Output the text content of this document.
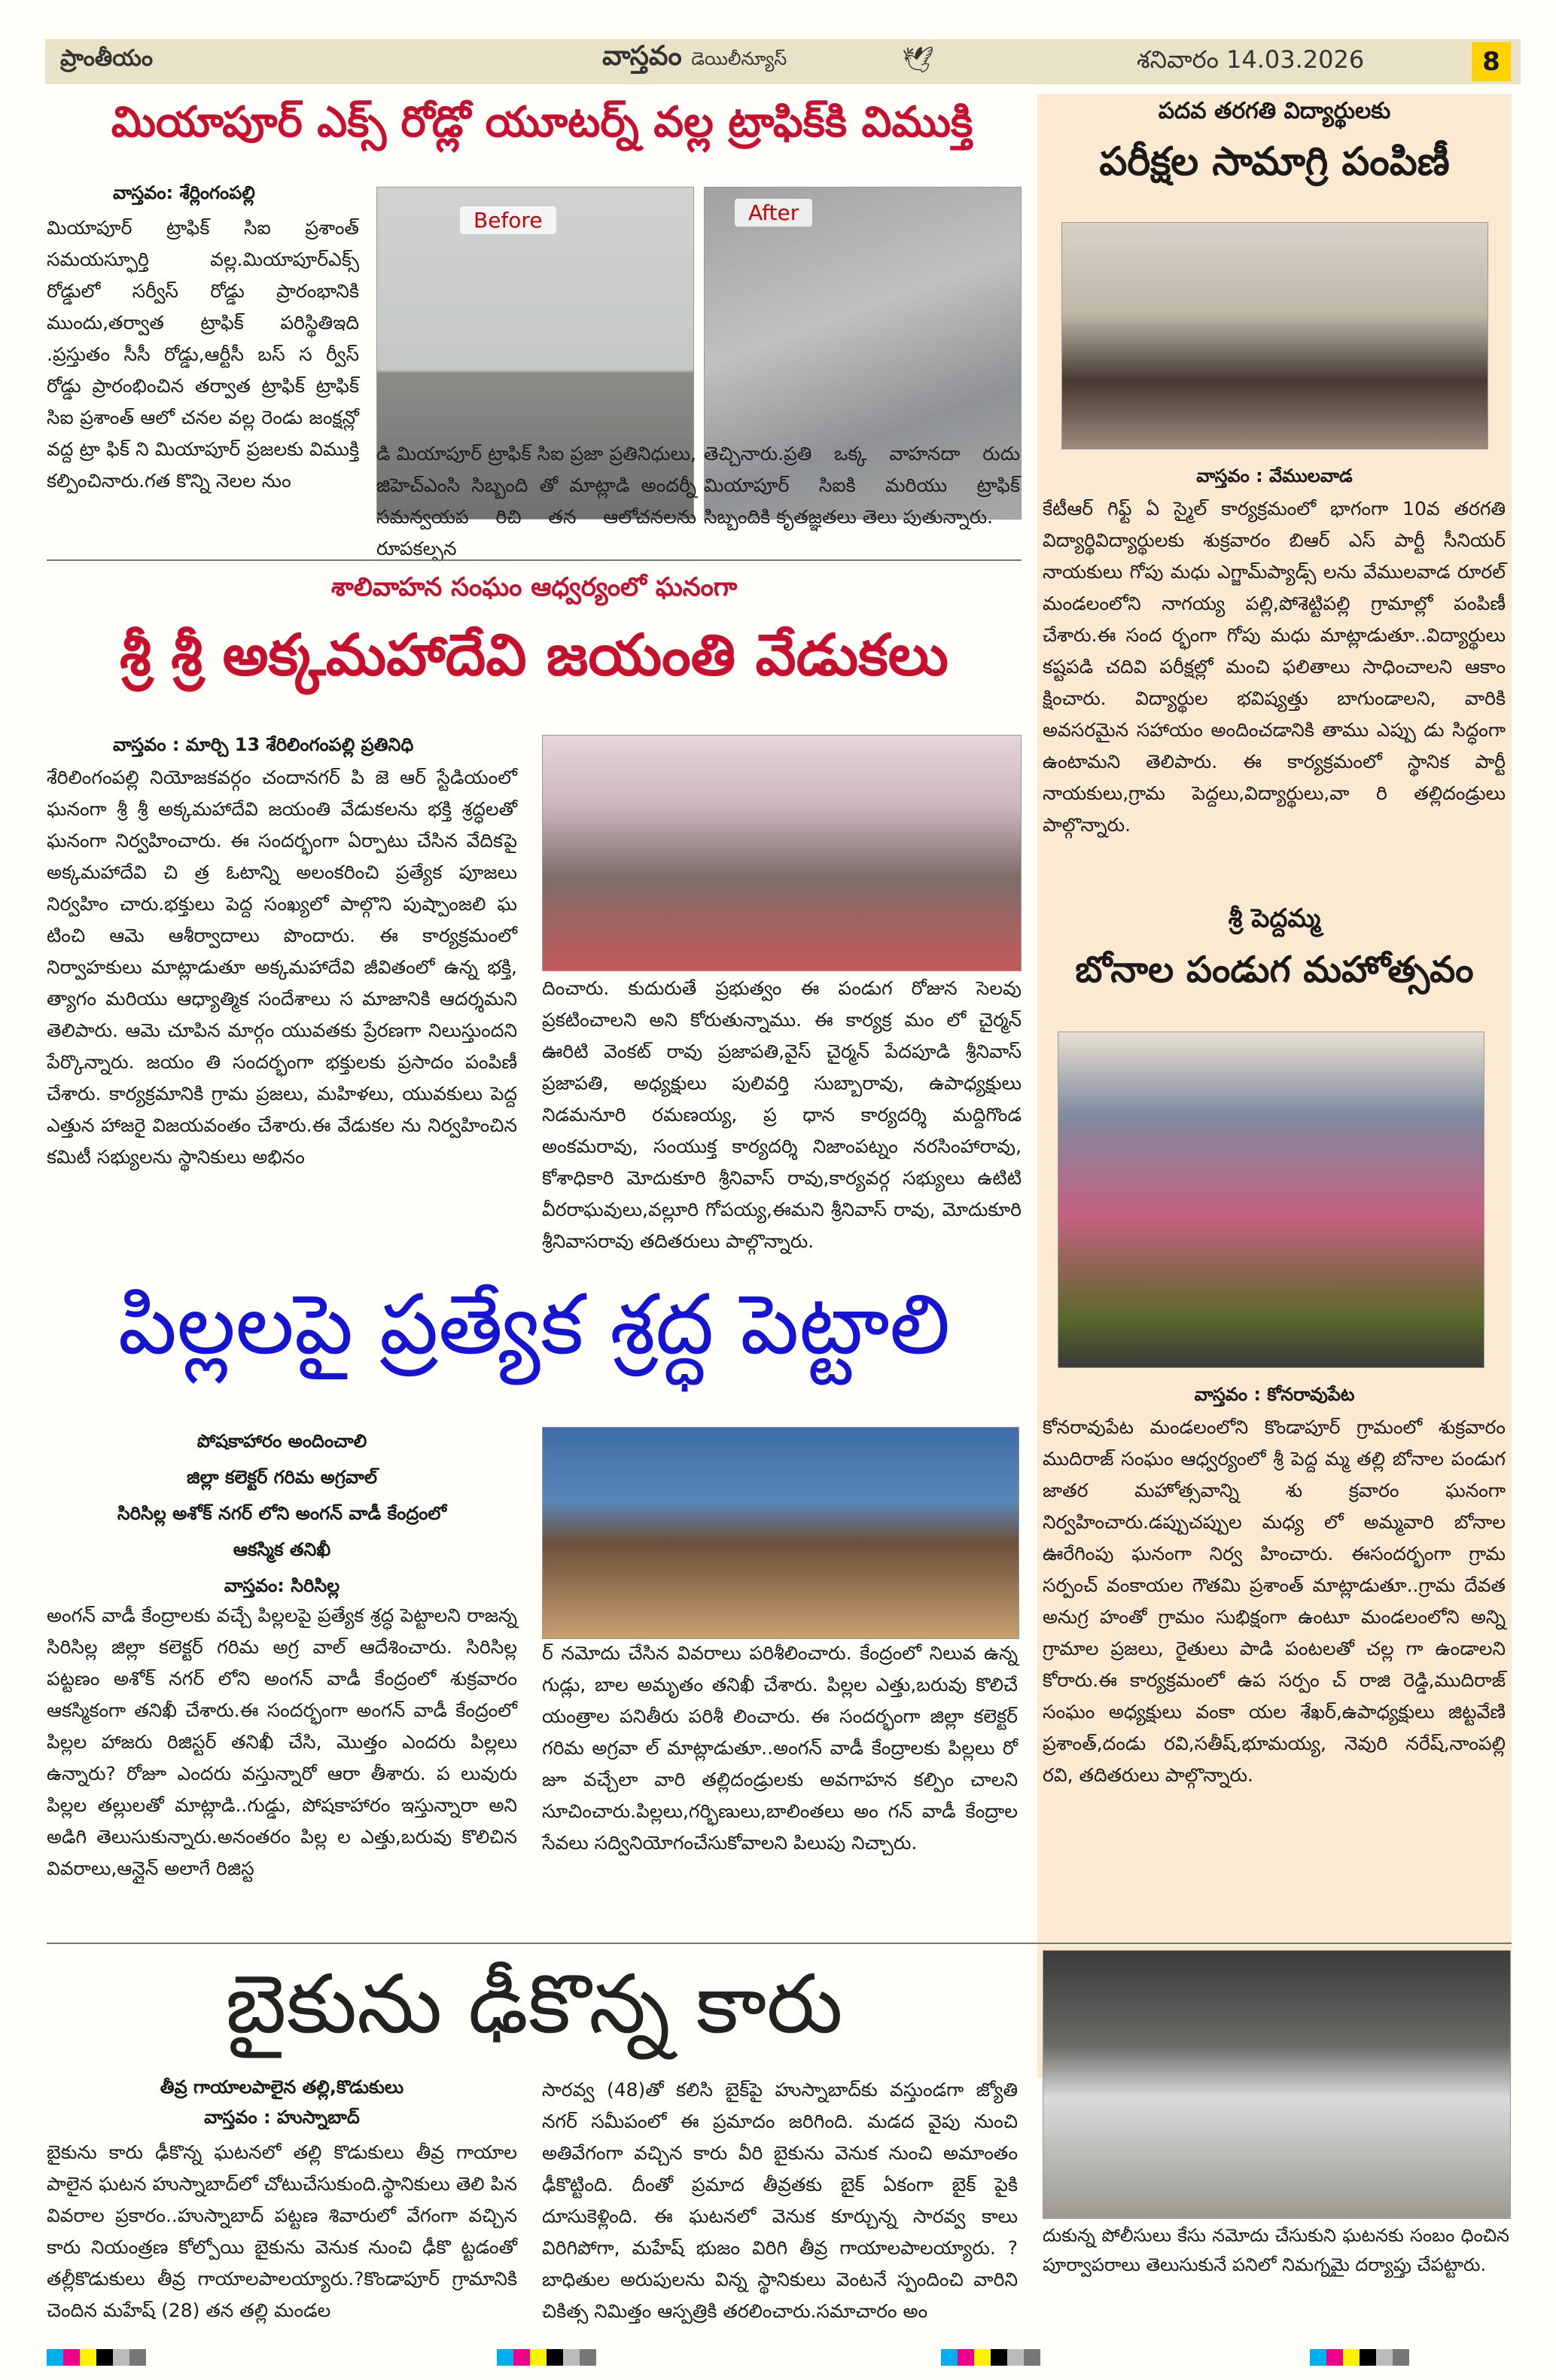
ప్రాంతీయం	వాస్తవం డెయిలీన్యూస్	🕊	శనివారం 14.03.2026	8
మియాపూర్ ఎక్స్ రోడ్లో యూటర్న్ వల్ల ట్రాఫిక్‌కి విముక్తి
వాస్తవం: శేర్లింగంపల్లి
మియాపూర్ ట్రాఫిక్ సిఐ ప్రశాంత్ సమయస్ఫూర్తి వల్ల.మియాపూర్ఎక్స్ రోడ్డులో సర్వీస్ రోడ్డు ప్రారంభానికి ముందు,తర్వాత ట్రాఫిక్ పరిస్థితిఇది .ప్రస్తుతం సీసీ రోడ్డు,ఆర్టీసీ బస్ స ర్వీస్ రోడ్డు ప్రారంభించిన తర్వాత ట్రాఫిక్ ట్రాఫిక్ సిఐ ప్రశాంత్ ఆలో చనల వల్ల రెండు జంక్షన్లో వద్ద ట్రా ఫిక్ ని మియాపూర్ ప్రజలకు విముక్తి కల్పించినారు.గత కొన్ని నెలల నుం
Before	After
డి మియాపూర్ ట్రాఫిక్ సిఐ ప్రజా ప్రతినిధులు, జిహెచ్ఎంసి సిబ్బంది తో మాట్లాడి అందర్నీ సమన్వయప రిచి తన ఆలోచనలను రూపకల్పన
తెచ్చినారు.ప్రతి ఒక్క వాహనదా రుదు మియాపూర్ సిఐకి మరియు ట్రాఫిక్ సిబ్బందికి కృతజ్ఞతలు తెలు పుతున్నారు.
శాలివాహన సంఘం ఆధ్వర్యంలో ఘనంగా
శ్రీ శ్రీ అక్కమహాదేవి జయంతి వేడుకలు
వాస్తవం : మార్చి 13 శేరిలింగంపల్లి ప్రతినిధి
శేరిలింగంపల్లి నియోజకవర్గం చందానగర్ పి జె ఆర్ స్టేడియంలో ఘనంగా శ్రీ శ్రీ అక్కమహాదేవి జయంతి వేడుకలను భక్తి శ్రద్ధలతో ఘనంగా నిర్వహించారు. ఈ సందర్భంగా ఏర్పాటు చేసిన వేదికపై అక్కమహాదేవి చి త్ర ఓటాన్ని అలంకరించి ప్రత్యేక పూజలు నిర్వహిం చారు.భక్తులు పెద్ద సంఖ్యలో పాల్గొని పుష్పాంజలి ఘ టించి ఆమె ఆశీర్వాదాలు పొందారు. ఈ కార్యక్రమంలో నిర్వాహకులు మాట్లాడుతూ అక్కమహాదేవి జీవితంలో ఉన్న భక్తి, త్యాగం మరియు ఆధ్యాత్మిక సందేశాలు స మాజానికి ఆదర్శమని తెలిపారు. ఆమె చూపిన మార్గం యువతకు ప్రేరణగా నిలుస్తుందని పేర్కొన్నారు. జయం తి సందర్భంగా భక్తులకు ప్రసాదం పంపిణీ చేశారు. కార్యక్రమానికి గ్రామ ప్రజలు, మహిళలు, యువకులు పెద్ద ఎత్తున హాజరై విజయవంతం చేశారు.ఈ వేడుకల ను నిర్వహించిన కమిటీ సభ్యులను స్థానికులు అభినం
దించారు. కుదురుతే ప్రభుత్వం ఈ పండుగ రోజున సెలవు ప్రకటించాలని అని కోరుతున్నాము. ఈ కార్యక్ర మం లో చైర్మన్ ఊరిటి వెంకట్ రావు ప్రజాపతి,వైస్ చైర్మన్ పేదపూడి శ్రీనివాస్ ప్రజాపతి, అధ్యక్షులు పులివర్తి సుబ్బారావు, ఉపాధ్యక్షులు నిడమనూరి రమణయ్య, ప్ర ధాన కార్యదర్శి మద్దిగొండ అంకమరావు, సంయుక్త కార్యదర్శి నిజాంపట్నం నరసింహారావు, కోశాధికారి మోదుకూరి శ్రీనివాస్ రావు,కార్యవర్గ సభ్యులు ఉటిటి వీరరాఘవులు,వల్లూరి గోపయ్య,ఈమని శ్రీనివాస్ రావు, మోదుకూరి శ్రీనివాసరావు తదితరులు పాల్గొన్నారు.
పిల్లలపై ప్రత్యేక శ్రద్ధ పెట్టాలి
పోషకాహారం అందించాలి
జిల్లా కలెక్టర్ గరిమ అగ్రవాల్
సిరిసిల్ల అశోక్ నగర్ లోని అంగన్ వాడీ కేంద్రంలో
ఆకస్మిక తనిఖీ
వాస్తవం: సిరిసిల్ల
అంగన్ వాడీ కేంద్రాలకు వచ్చే పిల్లలపై ప్రత్యేక శ్రద్ధ పెట్టాలని రాజన్న సిరిసిల్ల జిల్లా కలెక్టర్ గరిమ అగ్ర వాల్ ఆదేశించారు. సిరిసిల్ల పట్టణం అశోక్ నగర్ లోని అంగన్ వాడీ కేంద్రంలో శుక్రవారం ఆకస్మికంగా తనిఖీ చేశారు.ఈ సందర్భంగా అంగన్ వాడీ కేంద్రంలో పిల్లల హాజరు రిజిస్టర్ తనిఖీ చేసి, మొత్తం ఎందరు పిల్లలు ఉన్నారు? రోజూ ఎందరు వస్తున్నారో ఆరా తీశారు. ప లువురు పిల్లల తల్లులతో మాట్లాడి..గుడ్డు, పోషకాహారం ఇస్తున్నారా అని అడిగి తెలుసుకున్నారు.అనంతరం పిల్ల ల ఎత్తు,బరువు కొలిచిన వివరాలు,ఆన్లైన్ అలాగే రిజిస్ట
ర్ నమోదు చేసిన వివరాలు పరిశీలించారు. కేంద్రంలో నిలువ ఉన్న గుడ్లు, బాల అమృతం తనిఖీ చేశారు. పిల్లల ఎత్తు,బరువు కొలిచే యంత్రాల పనితీరు పరిశీ లించారు. ఈ సందర్భంగా జిల్లా కలెక్టర్ గరిమ అగ్రవా ల్ మాట్లాడుతూ..అంగన్ వాడీ కేంద్రాలకు పిల్లలు రో జూ వచ్చేలా వారి తల్లిదండ్రులకు అవగాహన కల్పిం చాలని సూచించారు.పిల్లలు,గర్భిణులు,బాలింతలు అం గన్ వాడీ కేంద్రాల సేవలు సద్వినియోగంచేసుకోవాలని పిలుపు నిచ్చారు.
బైకును ఢీకొన్న కారు
తీవ్ర గాయాలపాలైన తల్లి,కొడుకులు
వాస్తవం : హుస్నాబాద్
బైకును కారు ఢీకొన్న ఘటనలో తల్లి కొడుకులు తీవ్ర గాయాల పాలైన ఘటన హుస్నాబాద్‌లో చోటుచేసుకుంది.స్థానికులు తెలి పిన వివరాల ప్రకారం..హుస్నాబాద్ పట్టణ శివారులో వేగంగా వచ్చిన కారు నియంత్రణ కోల్పోయి బైకును వెనుక నుంచి ఢీకొ ట్టడంతో తల్లీకొడుకులు తీవ్ర గాయాలపాలయ్యారు.?కొండాపూర్ గ్రామానికి చెందిన మహేష్ (28) తన తల్లి మండల
సారవ్వ (48)తో కలిసి బైక్‌పై హుస్నాబాద్‌కు వస్తుండగా జ్యోతి నగర్ సమీపంలో ఈ ప్రమాదం జరిగింది. మడద వైపు నుంచి అతివేగంగా వచ్చిన కారు వీరి బైకును వెనుక నుంచి అమాంతం ఢీకొట్టింది. దీంతో ప్రమాద తీవ్రతకు బైక్ ఏకంగా బైక్ పైకి దూసుకెళ్లింది. ఈ ఘటనలో వెనుక కూర్చున్న సారవ్వ కాలు విరిగిపోగా, మహేష్ భుజం విరిగి తీవ్ర గాయాలపాలయ్యారు. ?బాధితుల అరుపులను విన్న స్థానికులు వెంటనే స్పందించి వారిని చికిత్స నిమిత్తం ఆస్పత్రికి తరలించారు.సమాచారం అం
దుకున్న పోలీసులు కేసు నమోదు చేసుకుని ఘటనకు సంబం ధించిన పూర్వాపరాలు తెలుసుకునే పనిలో నిమగ్నమై దర్యాప్తు చేపట్టారు.
పదవ తరగతి విద్యార్థులకు
పరీక్షల సామాగ్రి పంపిణీ
వాస్తవం : వేములవాడ
కేటీఆర్ గిఫ్ట్ ఏ స్మైల్ కార్యక్రమంలో భాగంగా 10వ తరగతి విద్యార్థివిద్యార్థులకు శుక్రవారం బిఆర్ ఎస్ పార్టీ సీనియర్ నాయకులు గోపు మధు ఎగ్జామ్‌ప్యాడ్స్ లను వేములవాడ రూరల్ మండలంలోని నాగయ్య పల్లి,పోశెట్టిపల్లి గ్రామాల్లో పంపిణీ చేశారు.ఈ సంద ర్భంగా గోపు మధు మాట్లాడుతూ..విద్యార్థులు కష్టపడి చదివి పరీక్షల్లో మంచి ఫలితాలు సాధించాలని ఆకాం క్షించారు. విద్యార్థుల భవిష్యత్తు బాగుండాలని, వారికి అవసరమైన సహాయం అందించడానికి తాము ఎప్పు డు సిద్ధంగా ఉంటామని తెలిపారు. ఈ కార్యక్రమంలో స్థానిక పార్టీ నాయకులు,గ్రామ పెద్దలు,విద్యార్థులు,వా రి తల్లిదండ్రులు పాల్గొన్నారు.
శ్రీ పెద్దమ్మ
బోనాల పండుగ మహోత్సవం
వాస్తవం : కోనరావుపేట
కోనరావుపేట మండలంలోని కొండాపూర్ గ్రామంలో శుక్రవారం ముదిరాజ్ సంఘం ఆధ్వర్యంలో శ్రీ పెద్ద మ్మ తల్లి బోనాల పండుగ జాతర మహోత్సవాన్ని శు క్రవారం ఘనంగా నిర్వహించారు.డప్పుచప్పుల మధ్య లో అమ్మవారి బోనాల ఊరేగింపు ఘనంగా నిర్వ హించారు. ఈసందర్భంగా గ్రామ సర్పంచ్ వంకాయల గౌతమి ప్రశాంత్ మాట్లాడుతూ..గ్రామ దేవత అనుగ్ర హంతో గ్రామం సుభిక్షంగా ఉంటూ మండలంలోని అన్ని గ్రామాల ప్రజలు, రైతులు పాడి పంటలతో చల్ల గా ఉండాలని కోరారు.ఈ కార్యక్రమంలో ఉప సర్పం చ్ రాజి రెడ్డి,ముదిరాజ్ సంఘం అధ్యక్షులు వంకా యల శేఖర్,ఉపాధ్యక్షులు జిట్టవేణి ప్రశాంత్,దండు రవి,సతీష్,భూమయ్య, నెవురి నరేష్,నాంపల్లి రవి, తదితరులు పాల్గొన్నారు.
